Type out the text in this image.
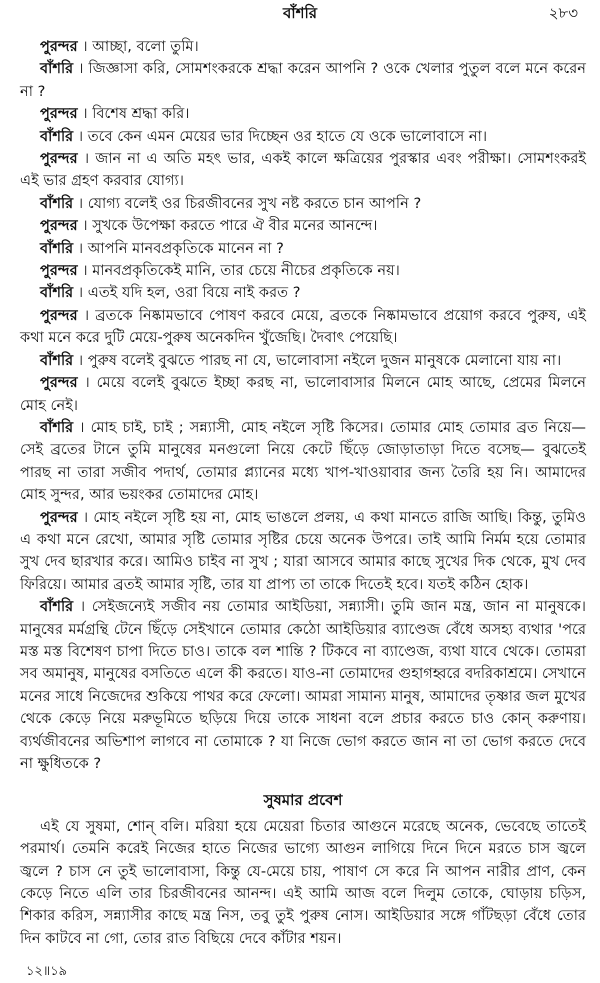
বাঁশরি	২৮৩

পুরন্দর । আচ্ছা, বলো তুমি।

বাঁশরি । জিজ্ঞাসা করি, সোমশংকরকে শ্রদ্ধা করেন আপনি ? ওকে খেলার পুতুল বলে মনে করেন না ?

পুরন্দর । বিশেষ শ্রদ্ধা করি।

বাঁশরি । তবে কেন এমন মেয়ের ভার দিচ্ছেন ওর হাতে যে ওকে ভালোবাসে না।

পুরন্দর । জান না এ অতি মহৎ ভার, একই কালে ক্ষত্রিয়ের পুরস্কার এবং পরীক্ষা। সোমশংকরই এই ভার গ্রহণ করবার যোগ্য।

বাঁশরি । যোগ্য বলেই ওর চিরজীবনের সুখ নষ্ট করতে চান আপনি ?

পুরন্দর । সুখকে উপেক্ষা করতে পারে ঐ বীর মনের আনন্দে।

বাঁশরি । আপনি মানবপ্রকৃতিকে মানেন না ?

পুরন্দর । মানবপ্রকৃতিকেই মানি, তার চেয়ে নীচের প্রকৃতিকে নয়।

বাঁশরি । এতই যদি হল, ওরা বিয়ে নাই করত ?

পুরন্দর । ব্রতকে নিষ্কামভাবে পোষণ করবে মেয়ে, ব্রতকে নিষ্কামভাবে প্রয়োগ করবে পুরুষ, এই কথা মনে করে দুটি মেয়ে-পুরুষ অনেকদিন খুঁজেছি। দৈবাৎ পেয়েছি।

বাঁশরি । পুরুষ বলেই বুঝতে পারছ না যে, ভালোবাসা নইলে দুজন মানুষকে মেলানো যায় না।

পুরন্দর । মেয়ে বলেই বুঝতে ইচ্ছা করছ না, ভালোবাসার মিলনে মোহ আছে, প্রেমের মিলনে মোহ নেই।

বাঁশরি । মোহ চাই, চাই ; সন্ন্যাসী, মোহ নইলে সৃষ্টি কিসের। তোমার মোহ তোমার ব্রত নিয়ে— সেই ব্রতের টানে তুমি মানুষের মনগুলো নিয়ে কেটে ছিঁড়ে জোড়াতাড়া দিতে বসেছ— বুঝতেই পারছ না তারা সজীব পদার্থ, তোমার প্ল্যানের মধ্যে খাপ-খাওয়াবার জন্য তৈরি হয় নি। আমাদের মোহ সুন্দর, আর ভয়ংকর তোমাদের মোহ।

পুরন্দর । মোহ নইলে সৃষ্টি হয় না, মোহ ভাঙলে প্রলয়, এ কথা মানতে রাজি আছি। কিন্তু, তুমিও এ কথা মনে রেখো, আমার সৃষ্টি তোমার সৃষ্টির চেয়ে অনেক উপরে। তাই আমি নির্মম হয়ে তোমার সুখ দেব ছারখার করে। আমিও চাইব না সুখ ; যারা আসবে আমার কাছে সুখের দিক থেকে, মুখ দেব ফিরিয়ে। আমার ব্রতই আমার সৃষ্টি, তার যা প্রাপ্য তা তাকে দিতেই হবে। যতই কঠিন হোক।

বাঁশরি । সেইজন্যেই সজীব নয় তোমার আইডিয়া, সন্ন্যাসী। তুমি জান মন্ত্র, জান না মানুষকে। মানুষের মর্মগ্রন্থি টেনে ছিঁড়ে সেইখানে তোমার কেঠো আইডিয়ার ব্যাণ্ডেজ বেঁধে অসহ্য ব্যথার 'পরে মস্ত মস্ত বিশেষণ চাপা দিতে চাও। তাকে বল শান্তি ? টিকবে না ব্যাণ্ডেজ, ব্যথা যাবে থেকে। তোমরা সব অমানুষ, মানুষের বসতিতে এলে কী করতে। যাও-না তোমাদের গুহাগহ্বরে বদরিকাশ্রমে। সেখানে মনের সাধে নিজেদের শুকিয়ে পাথর করে ফেলো। আমরা সামান্য মানুষ, আমাদের তৃষ্ণার জল মুখের থেকে কেড়ে নিয়ে মরুভূমিতে ছড়িয়ে দিয়ে তাকে সাধনা বলে প্রচার করতে চাও কোন্ করুণায়। ব্যর্থজীবনের অভিশাপ লাগবে না তোমাকে ? যা নিজে ভোগ করতে জান না তা ভোগ করতে দেবে না ক্ষুধিতকে ?

সুষমার প্রবেশ

এই যে সুষমা, শোন্ বলি। মরিয়া হয়ে মেয়েরা চিতার আগুনে মরেছে অনেক, ভেবেছে তাতেই পরমার্থ। তেমনি করেই নিজের হাতে নিজের ভাগ্যে আগুন লাগিয়ে দিনে দিনে মরতে চাস জ্বলে জ্বলে ? চাস নে তুই ভালোবাসা, কিন্তু যে-মেয়ে চায়, পাষাণ সে করে নি আপন নারীর প্রাণ, কেন কেড়ে নিতে এলি তার চিরজীবনের আনন্দ। এই আমি আজ বলে দিলুম তোকে, ঘোড়ায় চড়িস, শিকার করিস, সন্ন্যাসীর কাছে মন্ত্র নিস, তবু তুই পুরুষ নোস। আইডিয়ার সঙ্গে গাঁটছড়া বেঁধে তোর দিন কাটবে না গো, তোর রাত বিছিয়ে দেবে কাঁটার শয়ন।

১২॥১৯
